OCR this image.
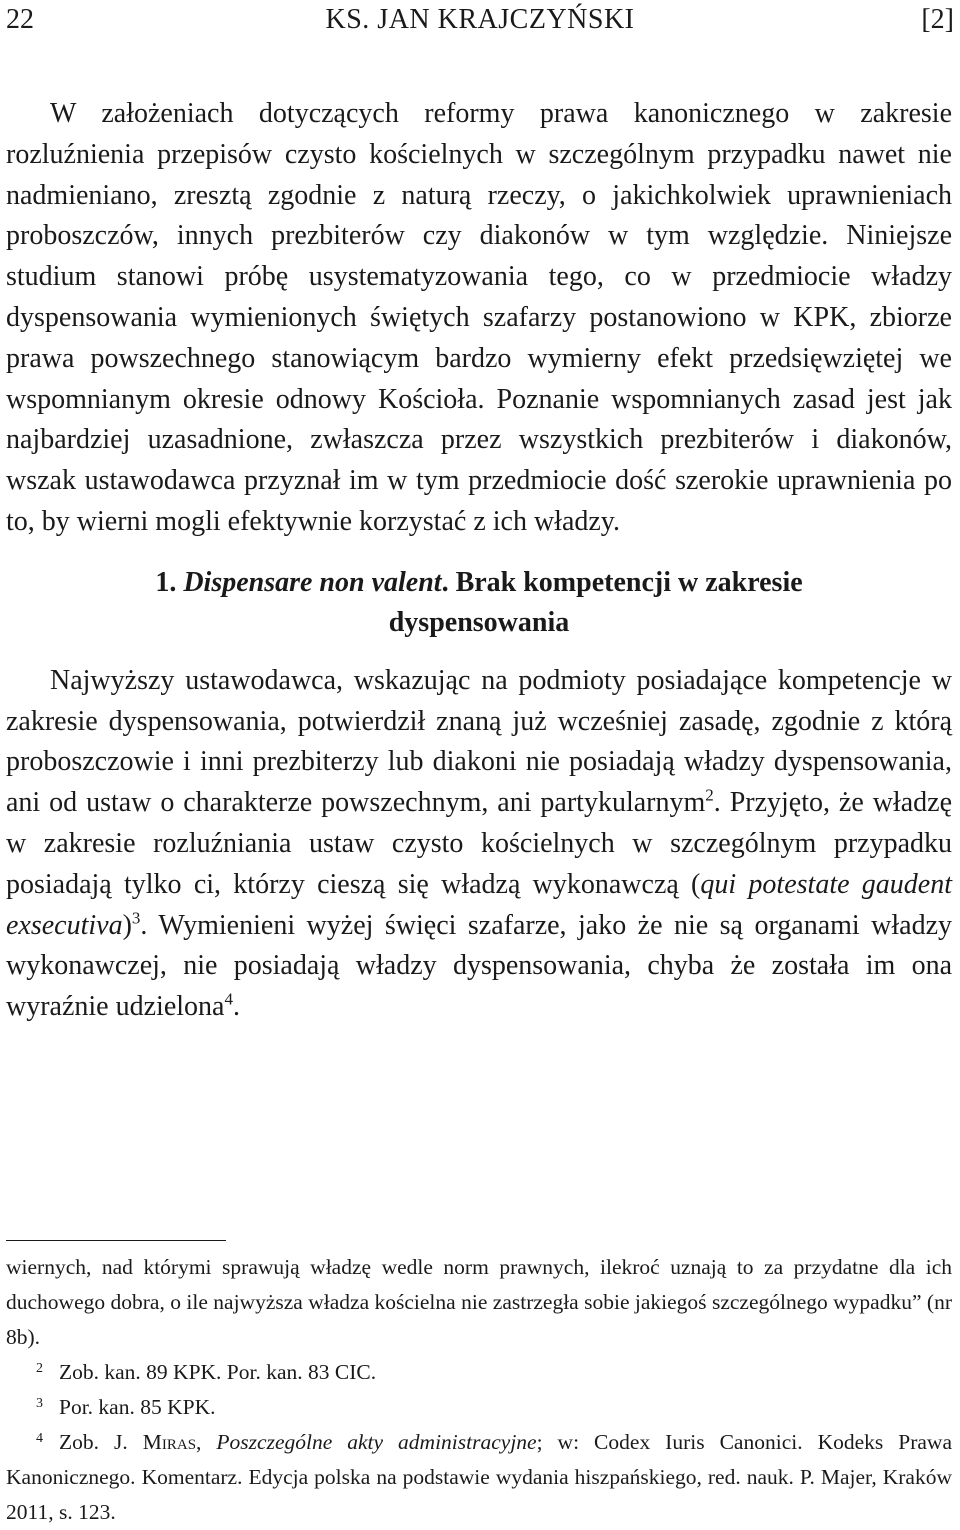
22	KS. JAN KRAJCZYŃSKI	[2]

W założeniach dotyczących reformy prawa kanonicznego w zakresie rozluźnienia przepisów czysto kościelnych w szczególnym przypadku nawet nie nadmieniano, zresztą zgodnie z naturą rzeczy, o jakichkolwiek uprawnieniach proboszczów, innych prezbiterów czy diakonów w tym względzie. Niniejsze studium stanowi próbę usystematyzowania tego, co w przedmiocie władzy dyspensowania wymienionych świętych szafarzy postanowiono w KPK, zbiorze prawa powszechnego stanowiącym bardzo wymierny efekt przedsięwziętej we wspomnianym okresie odnowy Kościoła. Poznanie wspomnianych zasad jest jak najbardziej uzasadnione, zwłaszcza przez wszystkich prezbiterów i diakonów, wszak ustawodawca przyznał im w tym przedmiocie dość szerokie uprawnienia po to, by wierni mogli efektywnie korzystać z ich władzy.

1. Dispensare non valent. Brak kompetencji w zakresie
dyspensowania

Najwyższy ustawodawca, wskazując na podmioty posiadające kompetencje w zakresie dyspensowania, potwierdził znaną już wcześniej zasadę, zgodnie z którą proboszczowie i inni prezbiterzy lub diakoni nie posiadają władzy dyspensowania, ani od ustaw o charakterze powszechnym, ani partykularnym$^2$. Przyjęto, że władzę w zakresie rozluźniania ustaw czysto kościelnych w szczególnym przypadku posiadają tylko ci, którzy cieszą się władzą wykonawczą (qui potestate gaudent exsecutiva)$^3$. Wymienieni wyżej święci szafarze, jako że nie są organami władzy wykonawczej, nie posiadają władzy dyspensowania, chyba że została im ona wyraźnie udzielona$^4$.

wiernych, nad którymi sprawują władzę wedle norm prawnych, ilekroć uznają to za przydatne dla ich duchowego dobra, o ile najwyższa władza kościelna nie zastrzegła sobie jakiegoś szczególnego wypadku” (nr 8b).

2 Zob. kan. 89 KPK. Por. kan. 83 CIC.

3 Por. kan. 85 KPK.

4 Zob. J. Miras, Poszczególne akty administracyjne; w: Codex Iuris Canonici. Kodeks Prawa Kanonicznego. Komentarz. Edycja polska na podstawie wydania hiszpańskiego, red. nauk. P. Majer, Kraków 2011, s. 123.
